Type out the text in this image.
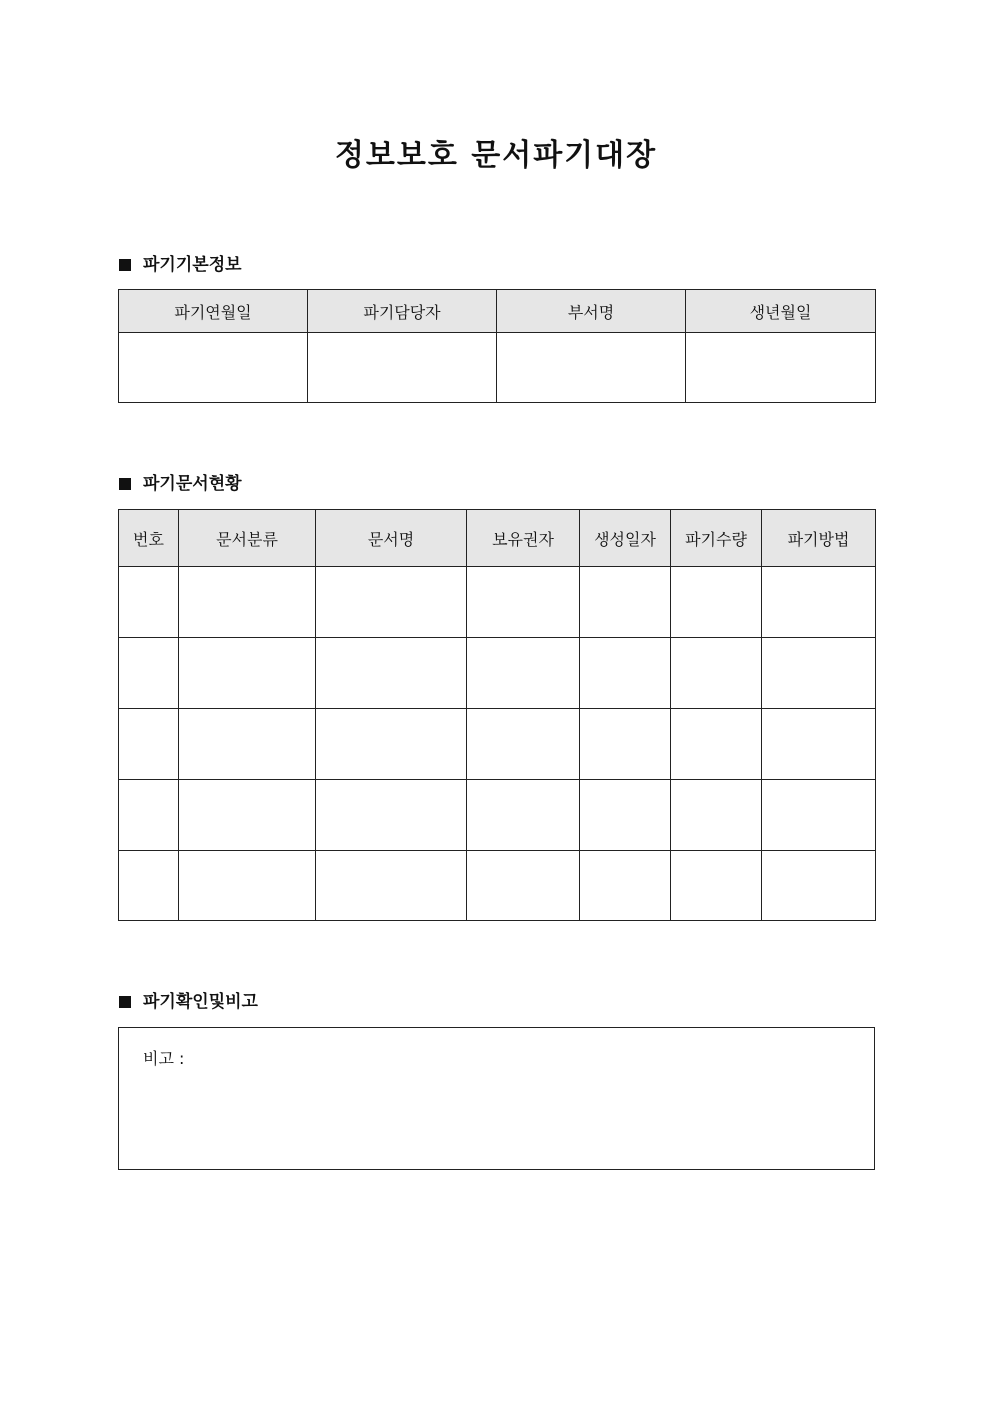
정보보호 문서파기대장
파기기본정보
파기연월일	파기담당자	부서명	생년월일

파기문서현황
번호	문서분류	문서명	보유권자	생성일자	파기수량	파기방법

파기확인및비고
비고 :
